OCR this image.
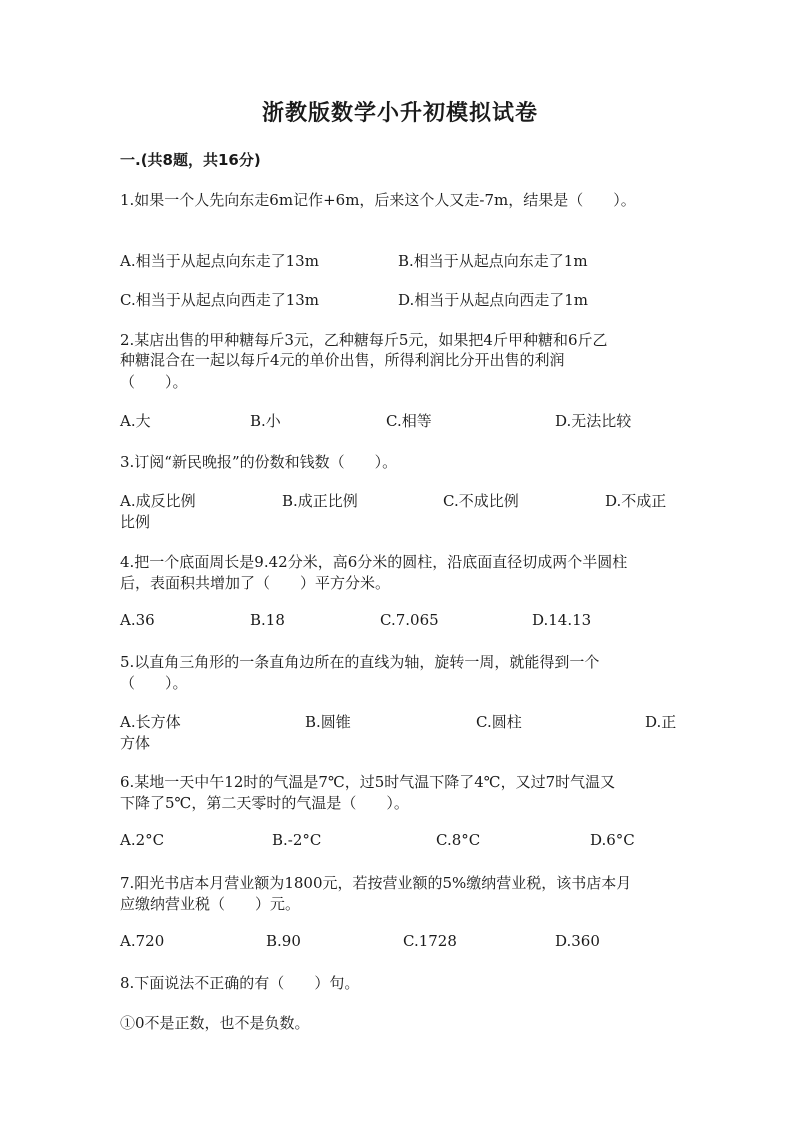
浙教版数学小升初模拟试卷
一.(共8题，共16分)
1.如果一个人先向东走6m记作+6m，后来这个人又走-7m，结果是（　　）。
A.相当于从起点向东走了13m	B.相当于从起点向东走了1m
C.相当于从起点向西走了13m	D.相当于从起点向西走了1m
2.某店出售的甲种糖每斤3元，乙种糖每斤5元，如果把4斤甲种糖和6斤乙
种糖混合在一起以每斤4元的单价出售，所得利润比分开出售的利润
（　　）。
A.大	B.小	C.相等	D.无法比较
3.订阅“新民晚报”的份数和钱数（　　）。
A.成反比例	B.成正比例	C.不成比例	D.不成正
比例
4.把一个底面周长是9.42分米，高6分米的圆柱，沿底面直径切成两个半圆柱
后，表面积共增加了（　　）平方分米。
A.36	B.18	C.7.065	D.14.13
5.以直角三角形的一条直角边所在的直线为轴，旋转一周，就能得到一个
（　　）。
A.长方体	B.圆锥	C.圆柱	D.正
方体
6.某地一天中午12时的气温是7℃，过5时气温下降了4℃，又过7时气温又
下降了5℃，第二天零时的气温是（　　）。
A.2°C	B.-2°C	C.8°C	D.6°C
7.阳光书店本月营业额为1800元，若按营业额的5%缴纳营业税，该书店本月
应缴纳营业税（　　）元。
A.720	B.90	C.1728	D.360
8.下面说法不正确的有（　　）句。
①0不是正数，也不是负数。
